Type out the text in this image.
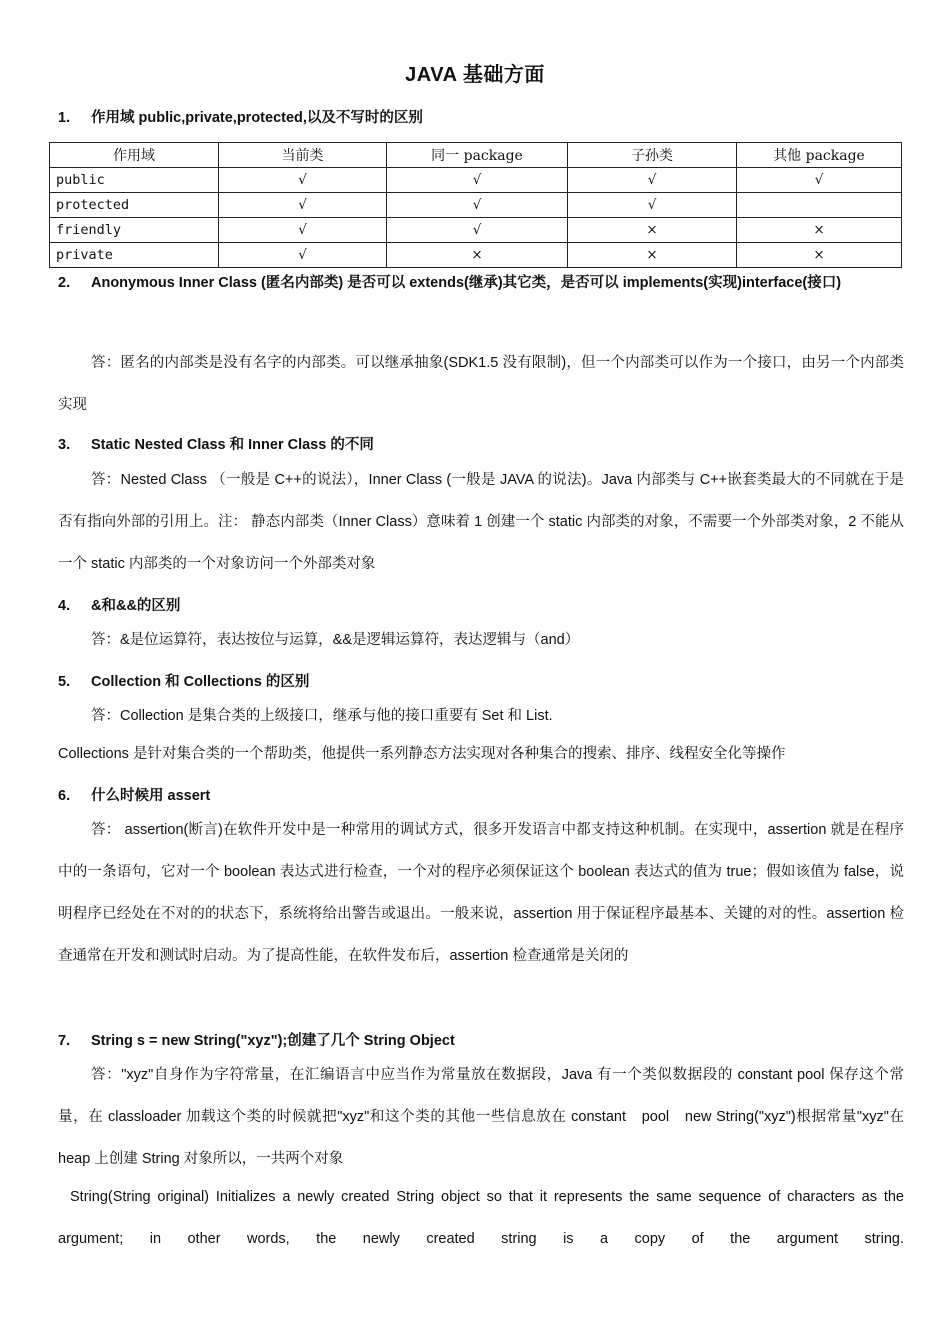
JAVA 基础方面
1. 作用域 public,private,protected,以及不写时的区别
作用域	当前类	同一 package	子孙类	其他 package
public	√	√	√	√
protected	√	√	√	
friendly	√	√	×	×
private	√	×	×	×
2. Anonymous Inner Class (匿名内部类) 是否可以 extends(继承)其它类，是否可以 implements(实现)interface(接口)
答：匿名的内部类是没有名字的内部类。可以继承抽象(SDK1.5 没有限制)，但一个内部类可以作为一个接口，由另一个内部类实现
3. Static Nested Class 和 Inner Class 的不同
答：Nested Class （一般是 C++的说法），Inner Class (一般是 JAVA 的说法)。Java 内部类与 C++嵌套类最大的不同就在于是否有指向外部的引用上。注： 静态内部类（Inner Class）意味着 1 创建一个 static 内部类的对象，不需要一个外部类对象，2 不能从一个 static 内部类的一个对象访问一个外部类对象
4. &和&&的区别
答：&是位运算符，表达按位与运算，&&是逻辑运算符，表达逻辑与（and）
5. Collection 和 Collections 的区别
答：Collection 是集合类的上级接口，继承与他的接口重要有 Set 和 List.
Collections 是针对集合类的一个帮助类，他提供一系列静态方法实现对各种集合的搜索、排序、线程安全化等操作
6. 什么时候用 assert
答： assertion(断言)在软件开发中是一种常用的调试方式，很多开发语言中都支持这种机制。在实现中，assertion 就是在程序中的一条语句，它对一个 boolean 表达式进行检查，一个对的程序必须保证这个 boolean 表达式的值为 true；假如该值为 false，说明程序已经处在不对的的状态下，系统将给出警告或退出。一般来说，assertion 用于保证程序最基本、关键的对的性。assertion 检查通常在开发和测试时启动。为了提高性能，在软件发布后，assertion 检查通常是关闭的
7. String s = new String("xyz");创建了几个 String Object
答："xyz"自身作为字符常量，在汇编语言中应当作为常量放在数据段，Java 有一个类似数据段的 constant pool 保存这个常量，在 classloader 加载这个类的时候就把"xyz"和这个类的其他一些信息放在 constant　pool　new String("xyz")根据常量"xyz"在 heap 上创建 String 对象所以，一共两个对象
String(String original) Initializes a newly created String object so that it represents the same sequence of characters as the argument; in other words, the newly created string is a copy of the argument string.
